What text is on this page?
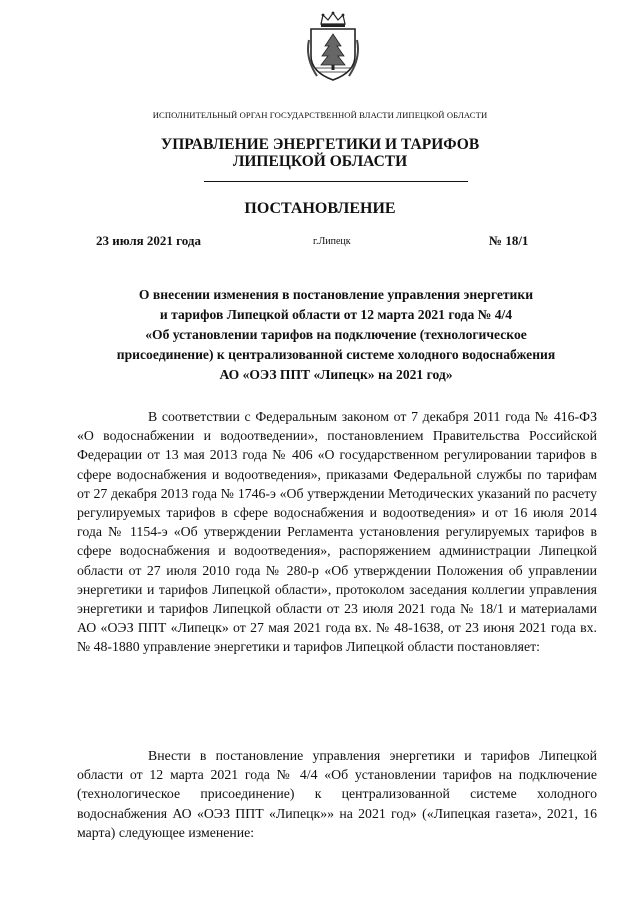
ИСПОЛНИТЕЛЬНЫЙ ОРГАН ГОСУДАРСТВЕННОЙ ВЛАСТИ ЛИПЕЦКОЙ ОБЛАСТИ
УПРАВЛЕНИЕ ЭНЕРГЕТИКИ И ТАРИФОВ
ЛИПЕЦКОЙ ОБЛАСТИ
ПОСТАНОВЛЕНИЕ
23 июля 2021 года	г.Липецк	№ 18/1
О внесении изменения в постановление управления энергетики
и тарифов Липецкой области от 12 марта 2021 года № 4/4
«Об установлении тарифов на подключение (технологическое
присоединение) к централизованной системе холодного водоснабжения
АО «ОЭЗ ППТ «Липецк» на 2021 год»

В соответствии с Федеральным законом от 7 декабря 2011 года № 416-ФЗ «О водоснабжении и водоотведении», постановлением Правительства Российской Федерации от 13 мая 2013 года № 406 «О государственном регулировании тарифов в сфере водоснабжения и водоотведения», приказами Федеральной службы по тарифам от 27 декабря 2013 года № 1746-э «Об утверждении Методических указаний по расчету регулируемых тарифов в сфере водоснабжения и водоотведения» и от 16 июля 2014 года № 1154-э «Об утверждении Регламента установления регулируемых тарифов в сфере водоснабжения и водоотведения», распоряжением администрации Липецкой области от 27 июля 2010 года № 280-р «Об утверждении Положения об управлении энергетики и тарифов Липецкой области», протоколом заседания коллегии управления энергетики и тарифов Липецкой области от 23 июля 2021 года № 18/1 и материалами АО «ОЭЗ ППТ «Липецк» от 27 мая 2021 года вх. № 48-1638, от 23 июня 2021 года вх. № 48-1880 управление энергетики и тарифов Липецкой области постановляет:

Внести в постановление управления энергетики и тарифов Липецкой области от 12 марта 2021 года № 4/4 «Об установлении тарифов на подключение (технологическое присоединение) к централизованной системе холодного водоснабжения АО «ОЭЗ ППТ «Липецк»» на 2021 год» («Липецкая газета», 2021, 16 марта) следующее изменение:
